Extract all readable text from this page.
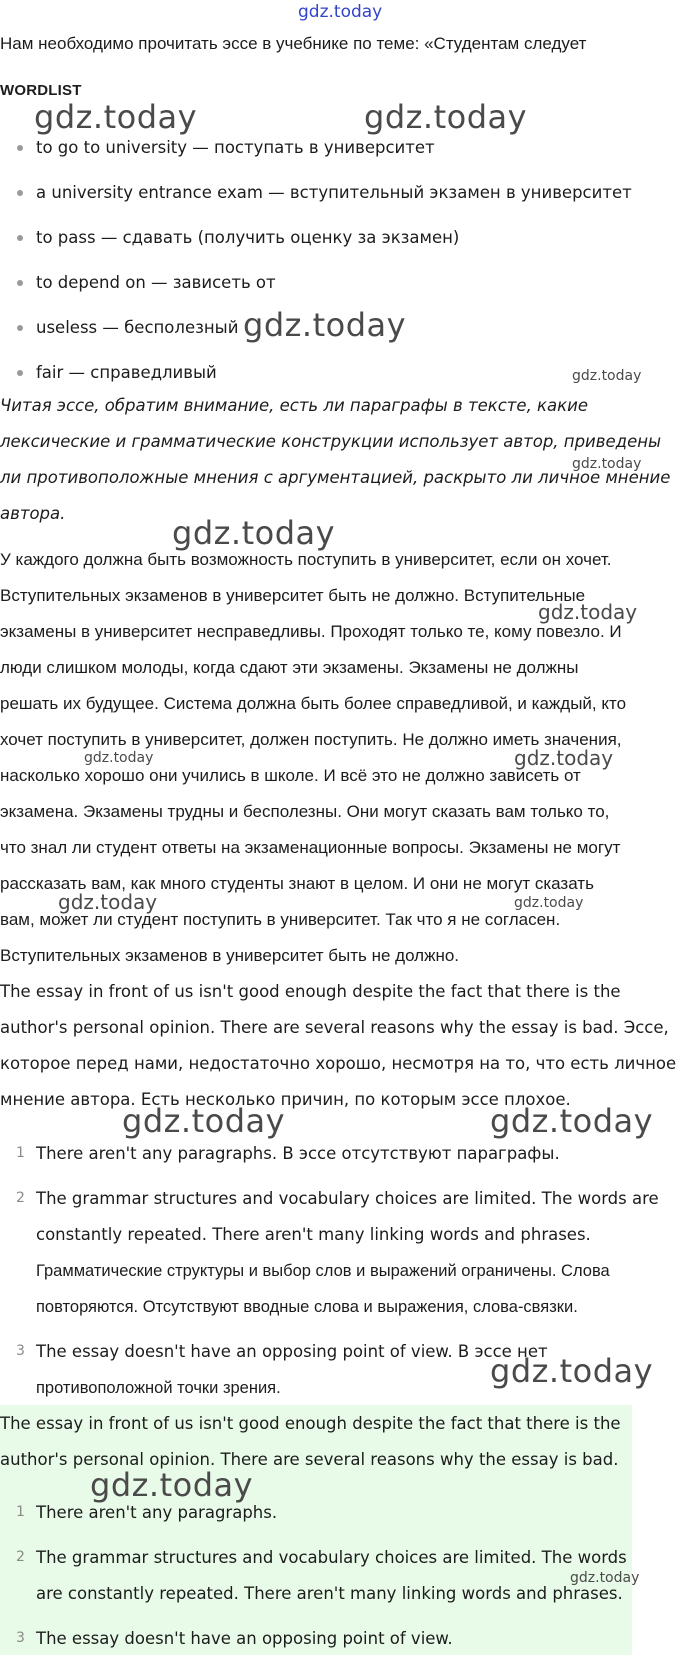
gdz.today
Нам необходимо прочитать эссе в учебнике по теме: «Студентам следует
WORDLIST
gdz.today	gdz.today
to go to university — поступать в университет
a university entrance exam — вступительный экзамен в университет
to pass — сдавать (получить оценку за экзамен)
to depend on — зависеть от
useless — бесполезный
fair — справедливый
gdz.today
gdz.today
Читая эссе, обратим внимание, есть ли параграфы в тексте, какие
лексические и грамматические конструкции использует автор, приведены
ли противоположные мнения с аргументацией, раскрыто ли личное мнение
автора.
gdz.today
gdz.today
У каждого должна быть возможность поступить в университет, если он хочет.
Вступительных экзаменов в университет быть не должно. Вступительные
экзамены в университет несправедливы. Проходят только те, кому повезло. И
люди слишком молоды, когда сдают эти экзамены. Экзамены не должны
решать их будущее. Система должна быть более справедливой, и каждый, кто
хочет поступить в университет, должен поступить. Не должно иметь значения,
насколько хорошо они учились в школе. И всё это не должно зависеть от
экзамена. Экзамены трудны и бесполезны. Они могут сказать вам только то,
что знал ли студент ответы на экзаменационные вопросы. Экзамены не могут
рассказать вам, как много студенты знают в целом. И они не могут сказать
вам, может ли студент поступить в университет. Так что я не согласен.
Вступительных экзаменов в университет быть не должно.
gdz.today
gdz.today	gdz.today
gdz.today	gdz.today
The essay in front of us isn't good enough despite the fact that there is the
author's personal opinion. There are several reasons why the essay is bad. Эссе,
которое перед нами, недостаточно хорошо, несмотря на то, что есть личное
мнение автора. Есть несколько причин, по которым эссе плохое.
gdz.today	gdz.today
1 There aren't any paragraphs. В эссе отсутствуют параграфы.
2 The grammar structures and vocabulary choices are limited. The words are
constantly repeated. There aren't many linking words and phrases.
Грамматические структуры и выбор слов и выражений ограничены. Слова
повторяются. Отсутствуют вводные слова и выражения, слова-связки.
3 The essay doesn't have an opposing point of view. В эссе нет
противоположной точки зрения.	gdz.today
The essay in front of us isn't good enough despite the fact that there is the
author's personal opinion. There are several reasons why the essay is bad.
1 There aren't any paragraphs.
2 The grammar structures and vocabulary choices are limited. The words
are constantly repeated. There aren't many linking words and phrases.
3 The essay doesn't have an opposing point of view.
gdz.today
gdz.today
